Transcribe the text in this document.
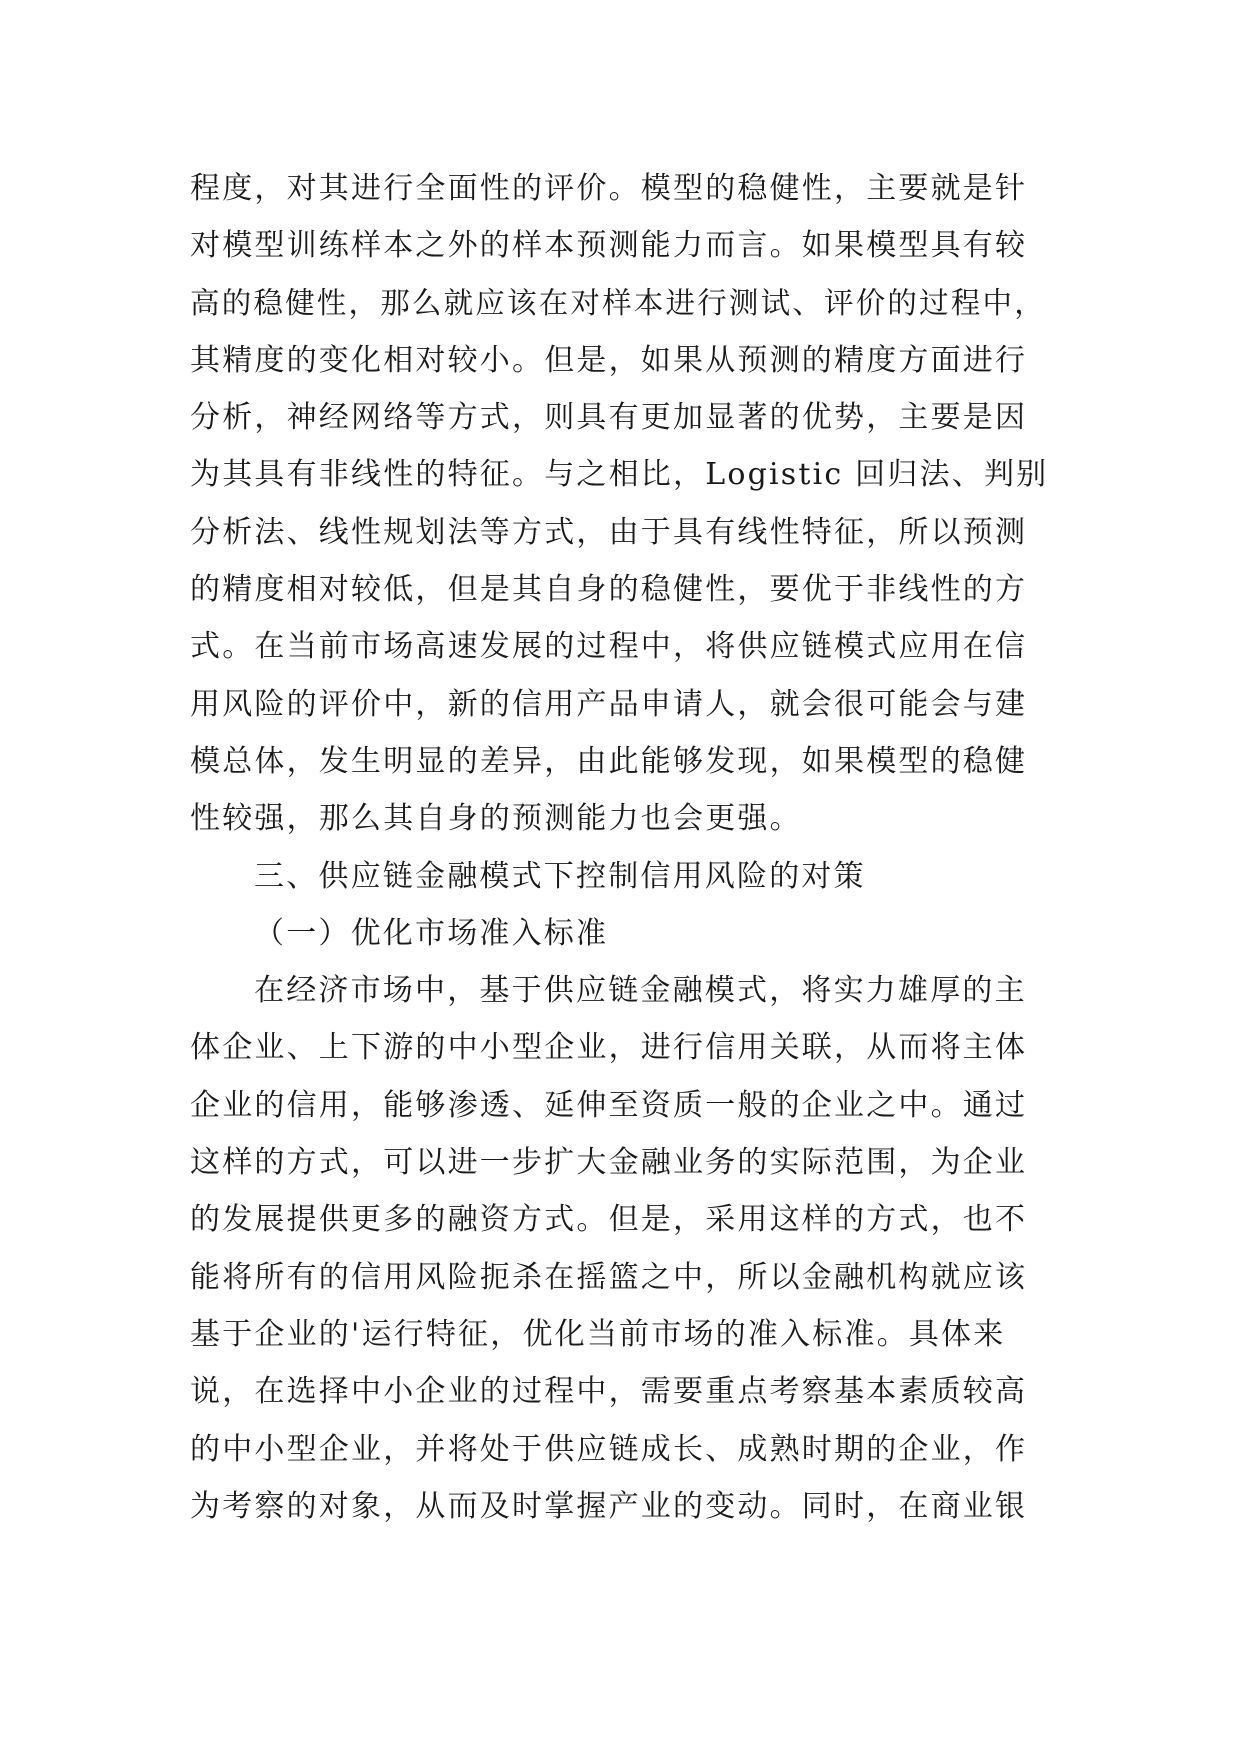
程度，对其进行全面性的评价。模型的稳健性，主要就是针
对模型训练样本之外的样本预测能力而言。如果模型具有较
高的稳健性，那么就应该在对样本进行测试、评价的过程中，
其精度的变化相对较小。但是，如果从预测的精度方面进行
分析，神经网络等方式，则具有更加显著的优势，主要是因
为其具有非线性的特征。与之相比，Logistic 回归法、判别
分析法、线性规划法等方式，由于具有线性特征，所以预测
的精度相对较低，但是其自身的稳健性，要优于非线性的方
式。在当前市场高速发展的过程中，将供应链模式应用在信
用风险的评价中，新的信用产品申请人，就会很可能会与建
模总体，发生明显的差异，由此能够发现，如果模型的稳健
性较强，那么其自身的预测能力也会更强。
三、供应链金融模式下控制信用风险的对策
（一）优化市场准入标准
在经济市场中，基于供应链金融模式，将实力雄厚的主
体企业、上下游的中小型企业，进行信用关联，从而将主体
企业的信用，能够渗透、延伸至资质一般的企业之中。通过
这样的方式，可以进一步扩大金融业务的实际范围，为企业
的发展提供更多的融资方式。但是，采用这样的方式，也不
能将所有的信用风险扼杀在摇篮之中，所以金融机构就应该
基于企业的'运行特征，优化当前市场的准入标准。具体来
说，在选择中小企业的过程中，需要重点考察基本素质较高
的中小型企业，并将处于供应链成长、成熟时期的企业，作
为考察的对象，从而及时掌握产业的变动。同时，在商业银
